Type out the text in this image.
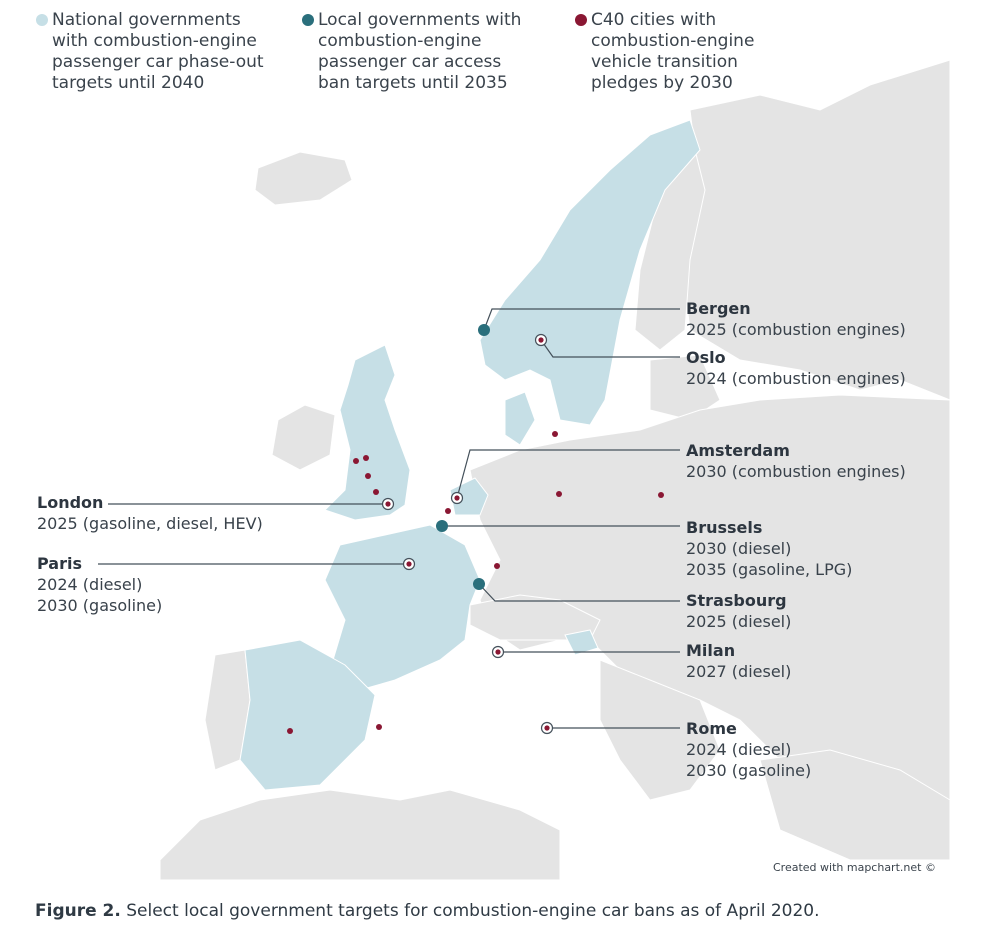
National governments
with combustion-engine
passenger car phase-out
targets until 2040
Local governments with
combustion-engine
passenger car access
ban targets until 2035
C40 cities with
combustion-engine
vehicle transition
pledges by 2030
Bergen
2025 (combustion engines)
Oslo
2024 (combustion engines)
Amsterdam
2030 (combustion engines)
London
2025 (gasoline, diesel, HEV)	Brussels
2030 (diesel)
2035 (gasoline, LPG)
Paris
2024 (diesel)
2030 (gasoline)	Strasbourg
2025 (diesel)
Milan
2027 (diesel)
Rome
2024 (diesel)
2030 (gasoline)
Created with mapchart.net ©
Figure 2. Select local government targets for combustion-engine car bans as of April 2020.
